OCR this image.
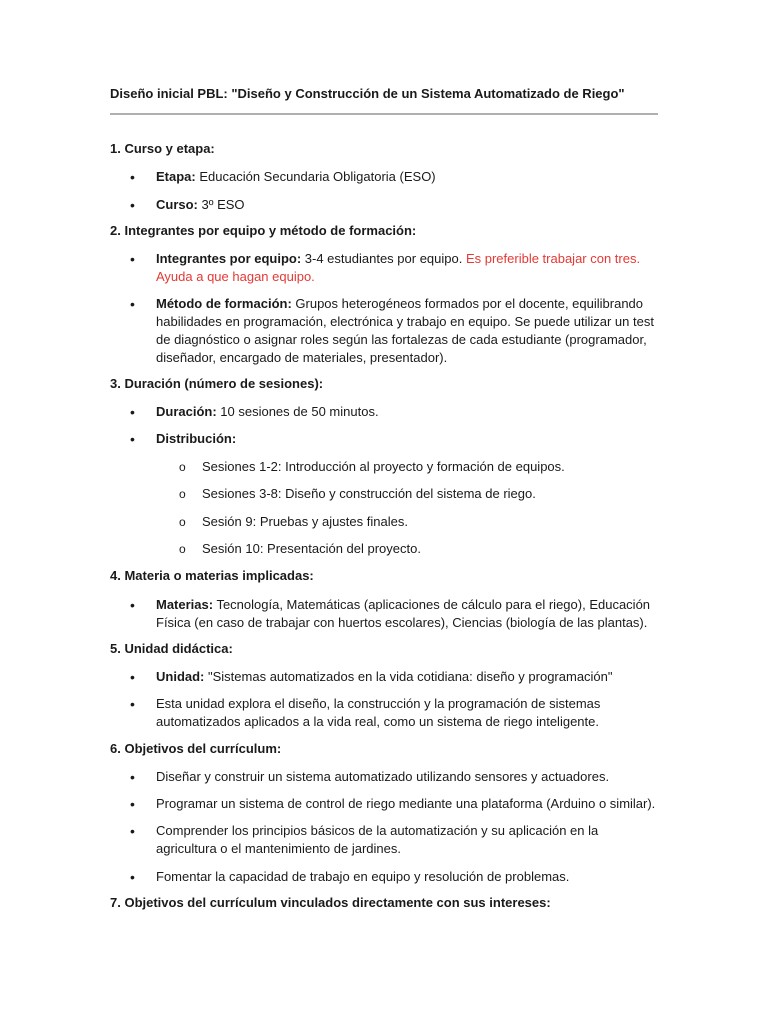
Diseño inicial PBL: "Diseño y Construcción de un Sistema Automatizado de Riego"
1. Curso y etapa:
• Etapa: Educación Secundaria Obligatoria (ESO)
• Curso: 3º ESO
2. Integrantes por equipo y método de formación:
• Integrantes por equipo: 3-4 estudiantes por equipo. Es preferible trabajar con tres.
Ayuda a que hagan equipo.
• Método de formación: Grupos heterogéneos formados por el docente, equilibrando
habilidades en programación, electrónica y trabajo en equipo. Se puede utilizar un test
de diagnóstico o asignar roles según las fortalezas de cada estudiante (programador,
diseñador, encargado de materiales, presentador).
3. Duración (número de sesiones):
• Duración: 10 sesiones de 50 minutos.
• Distribución:
o Sesiones 1-2: Introducción al proyecto y formación de equipos.
o Sesiones 3-8: Diseño y construcción del sistema de riego.
o Sesión 9: Pruebas y ajustes finales.
o Sesión 10: Presentación del proyecto.
4. Materia o materias implicadas:
• Materias: Tecnología, Matemáticas (aplicaciones de cálculo para el riego), Educación
Física (en caso de trabajar con huertos escolares), Ciencias (biología de las plantas).
5. Unidad didáctica:
• Unidad: "Sistemas automatizados en la vida cotidiana: diseño y programación"
• Esta unidad explora el diseño, la construcción y la programación de sistemas
automatizados aplicados a la vida real, como un sistema de riego inteligente.
6. Objetivos del currículum:
• Diseñar y construir un sistema automatizado utilizando sensores y actuadores.
• Programar un sistema de control de riego mediante una plataforma (Arduino o similar).
• Comprender los principios básicos de la automatización y su aplicación en la
agricultura o el mantenimiento de jardines.
• Fomentar la capacidad de trabajo en equipo y resolución de problemas.
7. Objetivos del currículum vinculados directamente con sus intereses:
